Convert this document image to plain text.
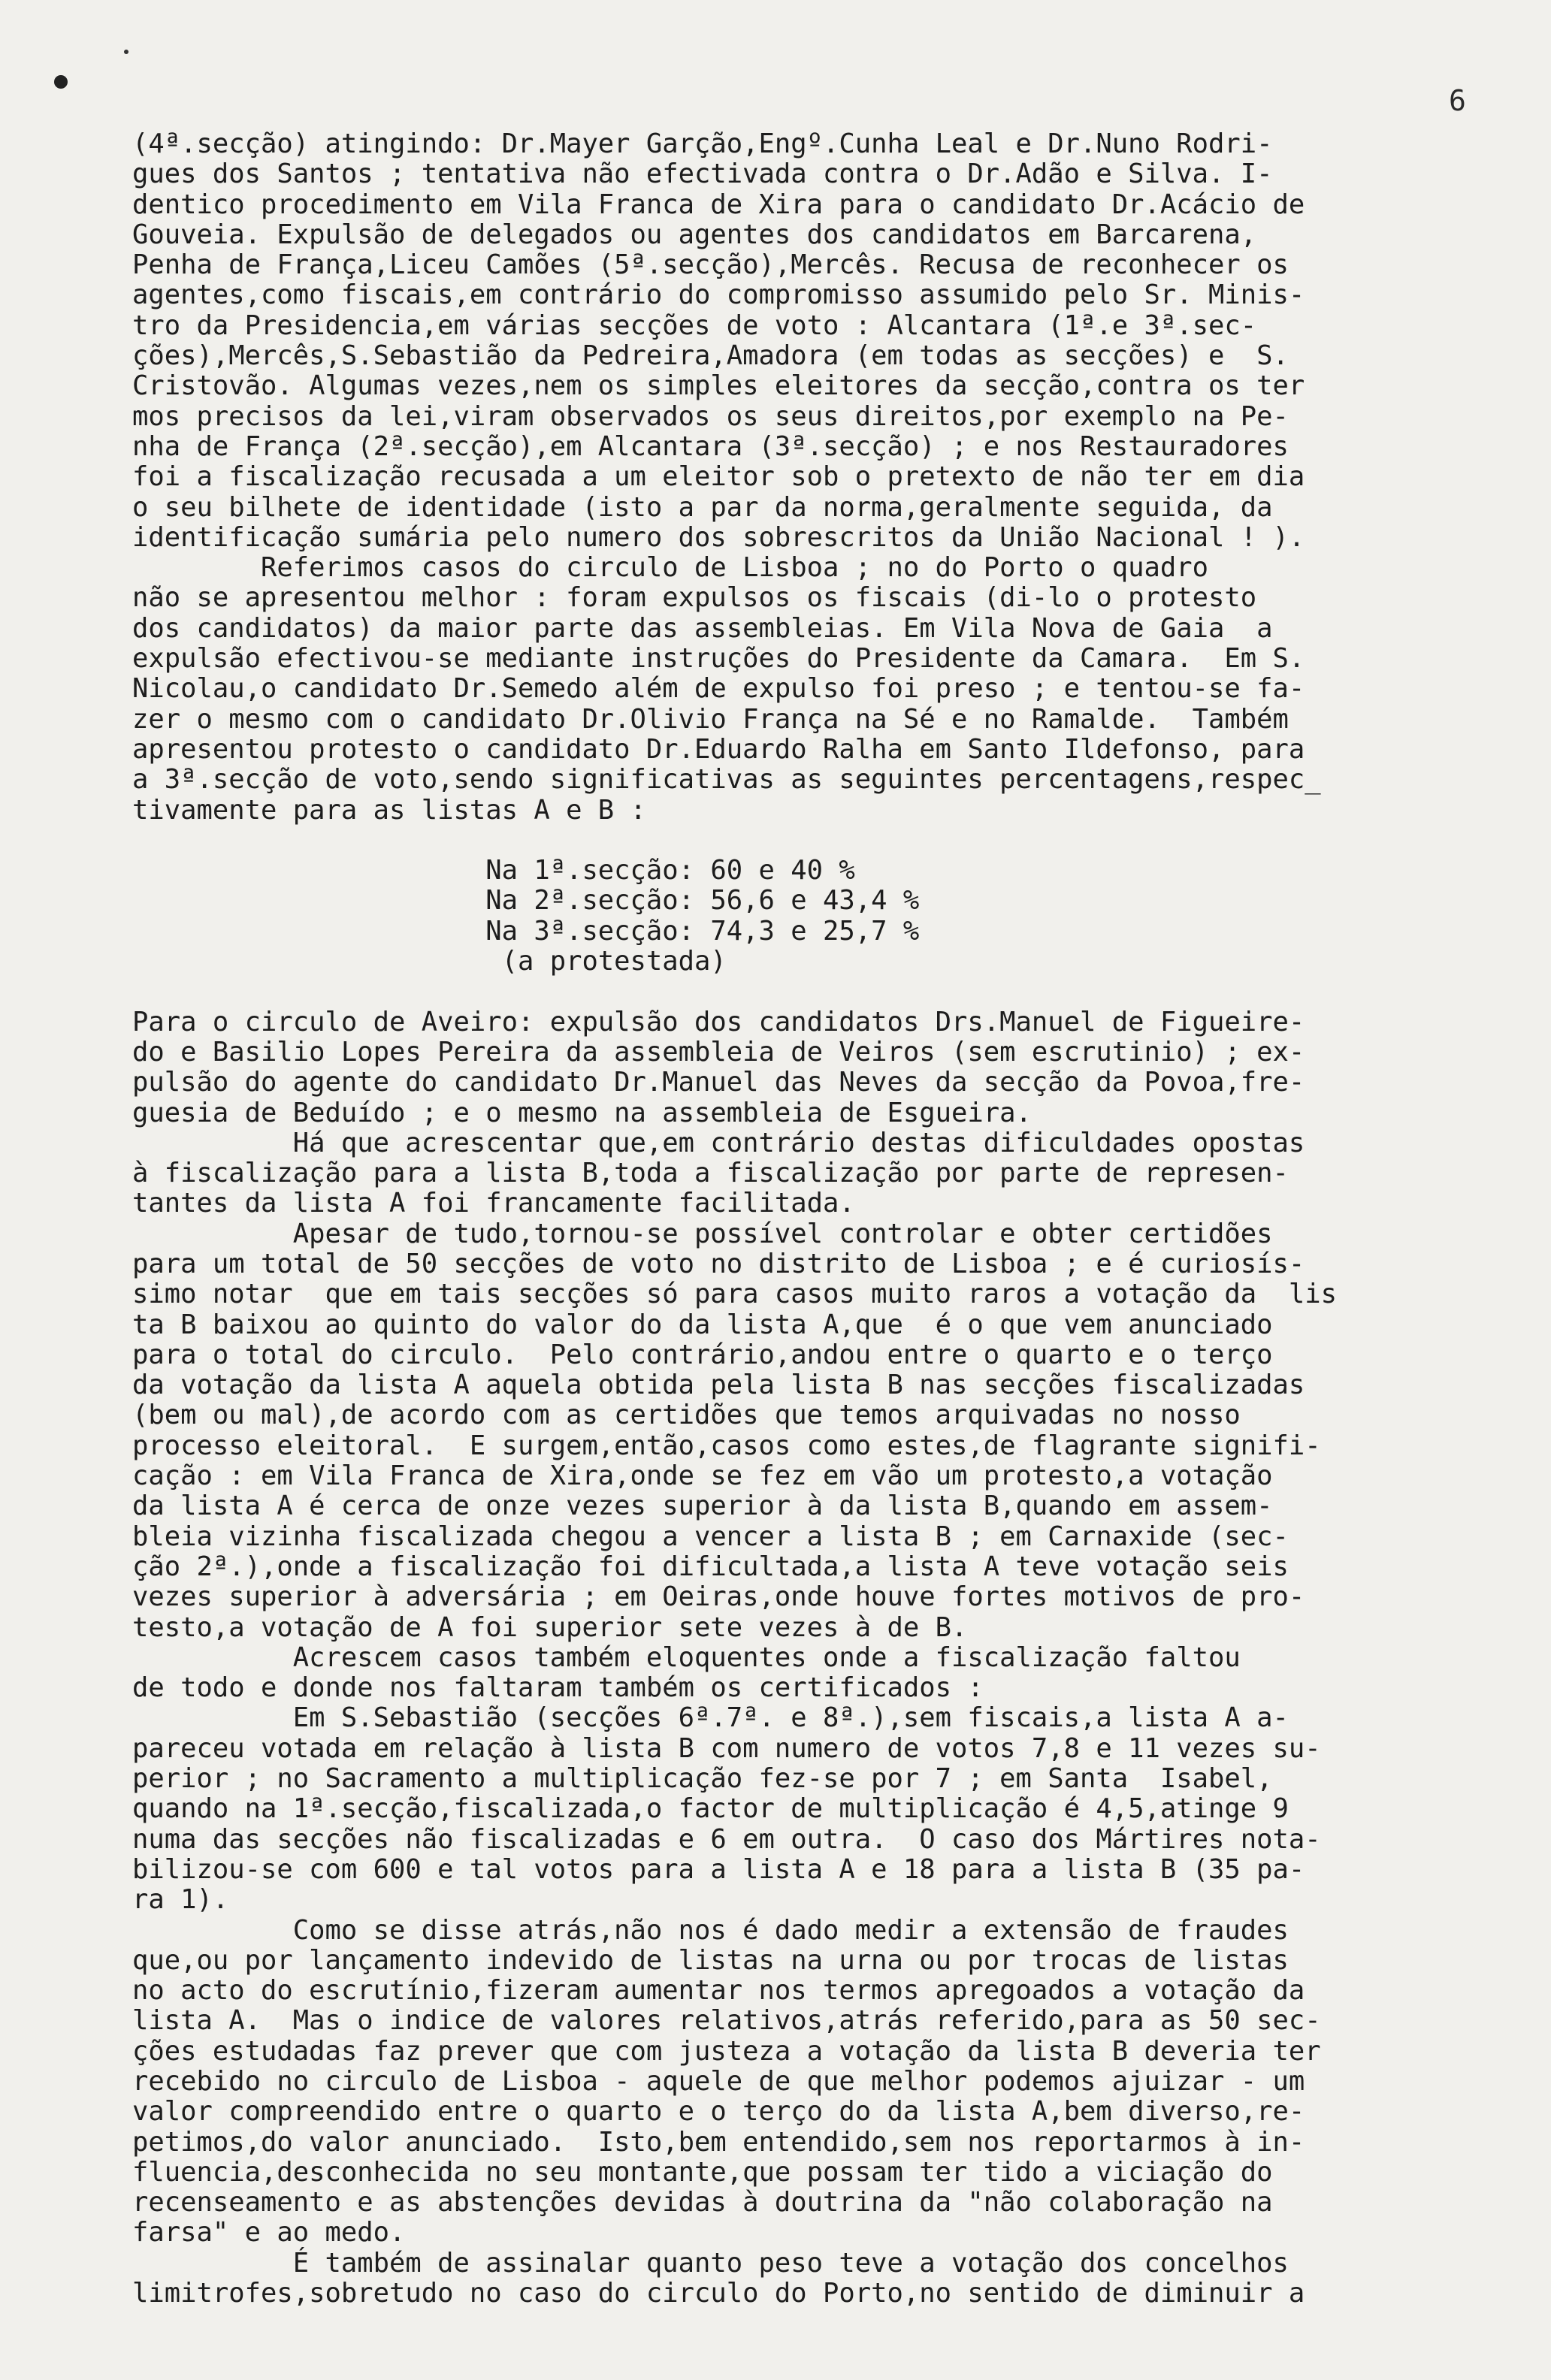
6
(4ª.secção) atingindo: Dr.Mayer Garção,Engº.Cunha Leal e Dr.Nuno Rodri-
gues dos Santos ; tentativa não efectivada contra o Dr.Adão e Silva. I-
dentico procedimento em Vila Franca de Xira para o candidato Dr.Acácio de
Gouveia. Expulsão de delegados ou agentes dos candidatos em Barcarena,
Penha de França,Liceu Camões (5ª.secção),Mercês. Recusa de reconhecer os
agentes,como fiscais,em contrário do compromisso assumido pelo Sr. Minis-
tro da Presidencia,em várias secções de voto : Alcantara (1ª.e 3ª.sec-
ções),Mercês,S.Sebastião da Pedreira,Amadora (em todas as secções) e  S.
Cristovão. Algumas vezes,nem os simples eleitores da secção,contra os ter
mos precisos da lei,viram observados os seus direitos,por exemplo na Pe-
nha de França (2ª.secção),em Alcantara (3ª.secção) ; e nos Restauradores
foi a fiscalização recusada a um eleitor sob o pretexto de não ter em dia
o seu bilhete de identidade (isto a par da norma,geralmente seguida, da
identificação sumária pelo numero dos sobrescritos da União Nacional ! ).
Referimos casos do circulo de Lisboa ; no do Porto o quadro
não se apresentou melhor : foram expulsos os fiscais (di-lo o protesto
dos candidatos) da maior parte das assembleias. Em Vila Nova de Gaia  a
expulsão efectivou-se mediante instruções do Presidente da Camara.  Em S.
Nicolau,o candidato Dr.Semedo além de expulso foi preso ; e tentou-se fa-
zer o mesmo com o candidato Dr.Olivio França na Sé e no Ramalde.  Também
apresentou protesto o candidato Dr.Eduardo Ralha em Santo Ildefonso, para
a 3ª.secção de voto,sendo significativas as seguintes percentagens,respec_
tivamente para as listas A e B :
Na 1ª.secção: 60 e 40 %
Na 2ª.secção: 56,6 e 43,4 %
Na 3ª.secção: 74,3 e 25,7 %
(a protestada)
Para o circulo de Aveiro: expulsão dos candidatos Drs.Manuel de Figueire-
do e Basilio Lopes Pereira da assembleia de Veiros (sem escrutinio) ; ex-
pulsão do agente do candidato Dr.Manuel das Neves da secção da Povoa,fre-
guesia de Beduído ; e o mesmo na assembleia de Esgueira.
Há que acrescentar que,em contrário destas dificuldades opostas
à fiscalização para a lista B,toda a fiscalização por parte de represen-
tantes da lista A foi francamente facilitada.
Apesar de tudo,tornou-se possível controlar e obter certidões
para um total de 50 secções de voto no distrito de Lisboa ; e é curiosís-
simo notar  que em tais secções só para casos muito raros a votação da  lis
ta B baixou ao quinto do valor do da lista A,que  é o que vem anunciado
para o total do circulo.  Pelo contrário,andou entre o quarto e o terço
da votação da lista A aquela obtida pela lista B nas secções fiscalizadas
(bem ou mal),de acordo com as certidões que temos arquivadas no nosso
processo eleitoral.  E surgem,então,casos como estes,de flagrante signifi-
cação : em Vila Franca de Xira,onde se fez em vão um protesto,a votação
da lista A é cerca de onze vezes superior à da lista B,quando em assem-
bleia vizinha fiscalizada chegou a vencer a lista B ; em Carnaxide (sec-
ção 2ª.),onde a fiscalização foi dificultada,a lista A teve votação seis
vezes superior à adversária ; em Oeiras,onde houve fortes motivos de pro-
testo,a votação de A foi superior sete vezes à de B.
Acrescem casos também eloquentes onde a fiscalização faltou
de todo e donde nos faltaram também os certificados :
Em S.Sebastião (secções 6ª.7ª. e 8ª.),sem fiscais,a lista A a-
pareceu votada em relação à lista B com numero de votos 7,8 e 11 vezes su-
perior ; no Sacramento a multiplicação fez-se por 7 ; em Santa  Isabel,
quando na 1ª.secção,fiscalizada,o factor de multiplicação é 4,5,atinge 9
numa das secções não fiscalizadas e 6 em outra.  O caso dos Mártires nota-
bilizou-se com 600 e tal votos para a lista A e 18 para a lista B (35 pa-
ra 1).
Como se disse atrás,não nos é dado medir a extensão de fraudes
que,ou por lançamento indevido de listas na urna ou por trocas de listas
no acto do escrutínio,fizeram aumentar nos termos apregoados a votação da
lista A.  Mas o indice de valores relativos,atrás referido,para as 50 sec-
ções estudadas faz prever que com justeza a votação da lista B deveria ter
recebido no circulo de Lisboa - aquele de que melhor podemos ajuizar - um
valor compreendido entre o quarto e o terço do da lista A,bem diverso,re-
petimos,do valor anunciado.  Isto,bem entendido,sem nos reportarmos à in-
fluencia,desconhecida no seu montante,que possam ter tido a viciação do
recenseamento e as abstenções devidas à doutrina da "não colaboração na
farsa" e ao medo.
É também de assinalar quanto peso teve a votação dos concelhos
limitrofes,sobretudo no caso do circulo do Porto,no sentido de diminuir a
